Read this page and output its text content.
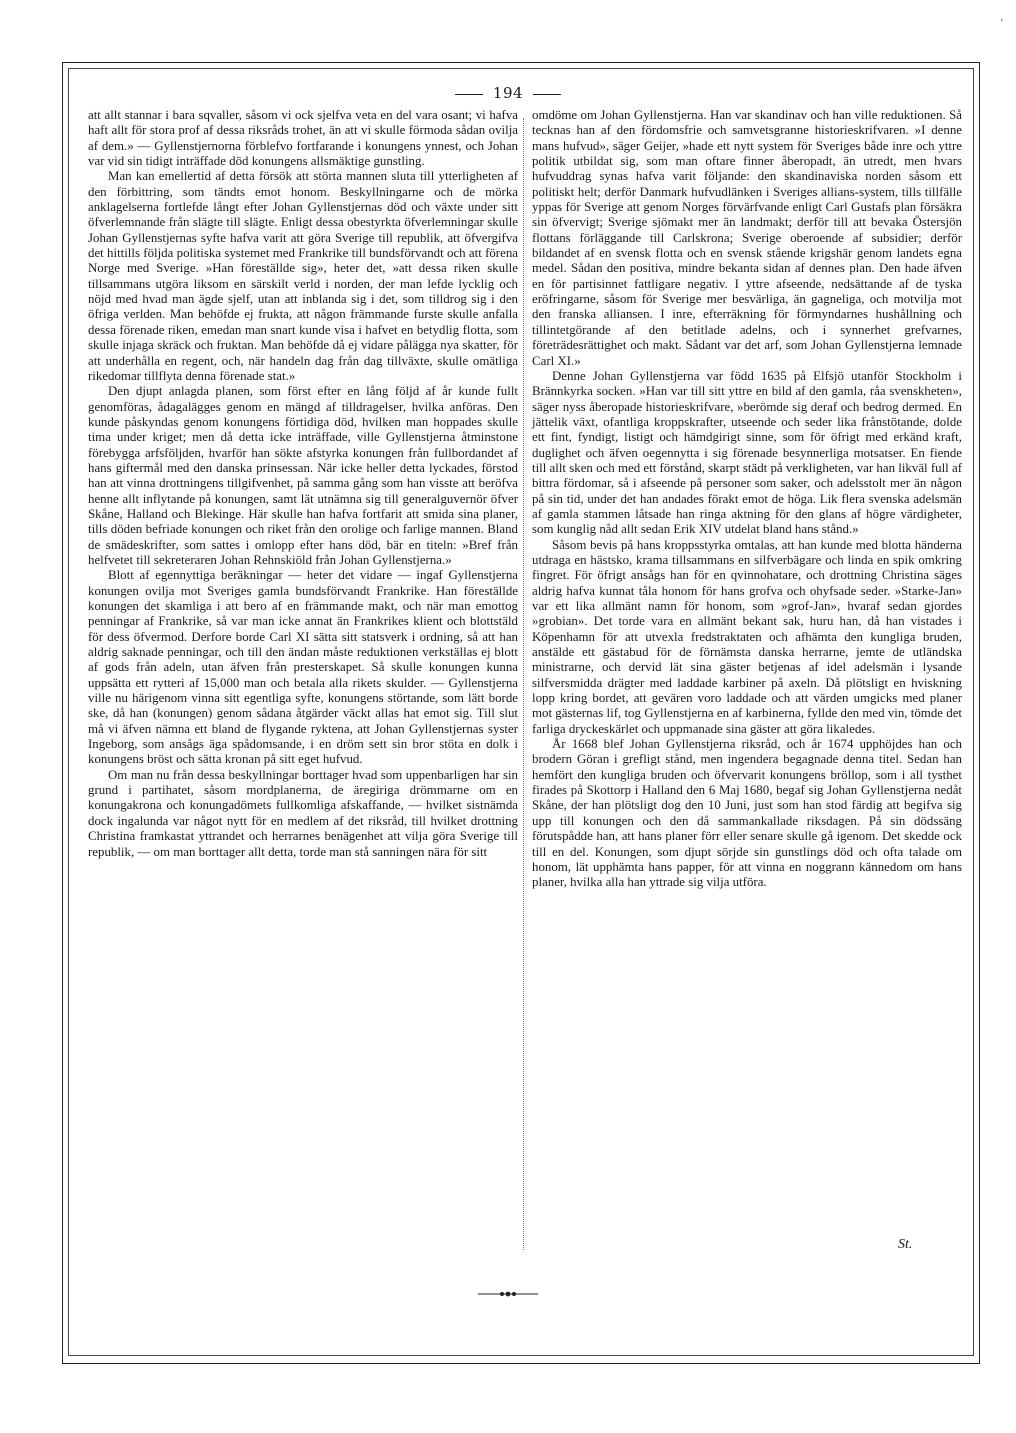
‘
194

att allt stannar i bara sqvaller, såsom vi ock sjelfva veta en del vara osant; vi hafva haft allt för stora prof af dessa riksråds trohet, än att vi skulle förmoda sådan ovilja af dem.» — Gyllenstjernorna förblefvo fortfarande i konungens ynnest, och Johan var vid sin tidigt inträffade död konungens allsmäktige gunstling.

Man kan emellertid af detta försök att störta mannen sluta till ytterligheten af den förbittring, som tändts emot honom. Beskyllningarne och de mörka anklagelserna fortlefde långt efter Johan Gyllenstjernas död och växte under sitt öfverlemnande från slägte till slägte. Enligt dessa obestyrkta öfverlemningar skulle Johan Gyllenstjernas syfte hafva varit att göra Sverige till republik, att öfvergifva det hittills följda politiska systemet med Frankrike till bundsförvandt och att förena Norge med Sverige. »Han föreställde sig», heter det, »att dessa riken skulle tillsammans utgöra liksom en särskilt verld i norden, der man lefde lycklig och nöjd med hvad man ägde sjelf, utan att inblanda sig i det, som tilldrog sig i den öfriga verlden. Man behöfde ej frukta, att någon främmande furste skulle anfalla dessa förenade riken, emedan man snart kunde visa i hafvet en betydlig flotta, som skulle injaga skräck och fruktan. Man behöfde då ej vidare pålägga nya skatter, för att underhålla en regent, och, när handeln dag från dag tillväxte, skulle omätliga rikedomar tillflyta denna förenade stat.»

Den djupt anlagda planen, som först efter en lång följd af år kunde fullt genomföras, ådagalägges genom en mängd af tilldragelser, hvilka anföras. Den kunde påskyndas genom konungens förtidiga död, hvilken man hoppades skulle tima under kriget; men då detta icke inträffade, ville Gyllenstjerna åtminstone förebygga arfsföljden, hvarför han sökte afstyrka konungen från fullbordandet af hans giftermål med den danska prinsessan. När icke heller detta lyckades, förstod han att vinna drottningens tillgifvenhet, på samma gång som han visste att beröfva henne allt inflytande på konungen, samt lät utnämna sig till generalguvernör öfver Skåne, Halland och Blekinge. Här skulle han hafva fortfarit att smida sina planer, tills döden befriade konungen och riket från den orolige och farlige mannen. Bland de smädeskrifter, som sattes i omlopp efter hans död, bär en titeln: »Bref från helfvetet till sekreteraren Johan Rehnskiöld från Johan Gyllenstjerna.»

Blott af egennyttiga beräkningar — heter det vidare — ingaf Gyllenstjerna konungen ovilja mot Sveriges gamla bundsförvandt Frankrike. Han föreställde konungen det skamliga i att bero af en främmande makt, och när man emottog penningar af Frankrike, så var man icke annat än Frankrikes klient och blottstäld för dess öfvermod. Derfore borde Carl XI sätta sitt statsverk i ordning, så att han aldrig saknade penningar, och till den ändan måste reduktionen verkställas ej blott af gods från adeln, utan äfven från presterskapet. Så skulle konungen kunna uppsätta ett rytteri af 15,000 man och betala alla rikets skulder. — Gyllenstjerna ville nu härigenom vinna sitt egentliga syfte, konungens störtande, som lätt borde ske, då han (konungen) genom sådana åtgärder väckt allas hat emot sig. Till slut må vi äfven nämna ett bland de flygande ryktena, att Johan Gyllenstjernas syster Ingeborg, som ansågs äga spådomsande, i en dröm sett sin bror stöta en dolk i konungens bröst och sätta kronan på sitt eget hufvud.

Om man nu från dessa beskyllningar borttager hvad som uppenbarligen har sin grund i partihatet, såsom mordplanerna, de äregiriga drömmarne om en konungakrona och konungadömets fullkomliga afskaffande, — hvilket sistnämda dock ingalunda var något nytt för en medlem af det riksråd, till hvilket drottning Christina framkastat yttrandet och herrarnes benägenhet att vilja göra Sverige till republik, — om man borttager allt detta, torde man stå sanningen nära för sitt

omdöme om Johan Gyllenstjerna. Han var skandinav och han ville reduktionen. Så tecknas han af den fördomsfrie och samvetsgranne historieskrifvaren. »I denne mans hufvud», säger Geijer, »hade ett nytt system för Sveriges både inre och yttre politik utbildat sig, som man oftare finner åberopadt, än utredt, men hvars hufvuddrag synas hafva varit följande: den skandinaviska norden såsom ett politiskt helt; derför Danmark hufvudlänken i Sveriges allians-system, tills tillfälle yppas för Sverige att genom Norges förvärfvande enligt Carl Gustafs plan försäkra sin öfvervigt; Sverige sjömakt mer än landmakt; derför till att bevaka Östersjön flottans förläggande till Carlskrona; Sverige oberoende af subsidier; derför bildandet af en svensk flotta och en svensk stående krigshär genom landets egna medel. Sådan den positiva, mindre bekanta sidan af dennes plan. Den hade äfven en för partisinnet fattligare negativ. I yttre afseende, nedsättande af de tyska eröfringarne, såsom för Sverige mer besvärliga, än gagneliga, och motvilja mot den franska alliansen. I inre, efterräkning för förmyndarnes hushållning och tillintetgörande af den betitlade adelns, och i synnerhet grefvarnes, företrädesrättighet och makt. Sådant var det arf, som Johan Gyllenstjerna lemnade Carl XI.»

Denne Johan Gyllenstjerna var född 1635 på Elfsjö utanför Stockholm i Brännkyrka socken. »Han var till sitt yttre en bild af den gamla, råa svenskheten», säger nyss åberopade historieskrifvare, »berömde sig deraf och bedrog dermed. En jättelik växt, ofantliga kroppskrafter, utseende och seder lika frånstötande, dolde ett fint, fyndigt, listigt och hämdgirigt sinne, som för öfrigt med erkänd kraft, duglighet och äfven oegennytta i sig förenade besynnerliga motsatser. En fiende till allt sken och med ett förstånd, skarpt städt på verkligheten, var han likväl full af bittra fördomar, så i afseende på personer som saker, och adelsstolt mer än någon på sin tid, under det han andades förakt emot de höga. Lik flera svenska adelsmän af gamla stammen låtsade han ringa aktning för den glans af högre värdigheter, som kunglig nåd allt sedan Erik XIV utdelat bland hans stånd.»

Såsom bevis på hans kroppsstyrka omtalas, att han kunde med blotta händerna utdraga en hästsko, krama tillsammans en silfverbägare och linda en spik omkring fingret. För öfrigt ansågs han för en qvinnohatare, och drottning Christina säges aldrig hafva kunnat tåla honom för hans grofva och ohyfsade seder. »Starke-Jan» var ett lika allmänt namn för honom, som »grof-Jan», hvaraf sedan gjordes »grobian». Det torde vara en allmänt bekant sak, huru han, då han vistades i Köpenhamn för att utvexla fredstraktaten och afhämta den kungliga bruden, anstälde ett gästabud för de förnämsta danska herrarne, jemte de utländska ministrarne, och dervid lät sina gäster betjenas af idel adelsmän i lysande silfversmidda drägter med laddade karbiner på axeln. Då plötsligt en hviskning lopp kring bordet, att gevären voro laddade och att värden umgicks med planer mot gästernas lif, tog Gyllenstjerna en af karbinerna, fyllde den med vin, tömde det farliga dryckeskärlet och uppmanade sina gäster att göra likaledes.

År 1668 blef Johan Gyllenstjerna riksråd, och år 1674 upphöjdes han och brodern Göran i grefligt stånd, men ingendera begagnade denna titel. Sedan han hemfört den kungliga bruden och öfvervarit konungens bröllop, som i all tysthet firades på Skottorp i Halland den 6 Maj 1680, begaf sig Johan Gyllenstjerna nedåt Skåne, der han plötsligt dog den 10 Juni, just som han stod färdig att begifva sig upp till konungen och den då sammankallade riksdagen. På sin dödssäng förutspådde han, att hans planer förr eller senare skulle gå igenom. Det skedde ock till en del. Konungen, som djupt sörjde sin gunstlings död och ofta talade om honom, lät upphämta hans papper, för att vinna en noggrann kännedom om hans planer, hvilka alla han yttrade sig vilja utföra.

St.
